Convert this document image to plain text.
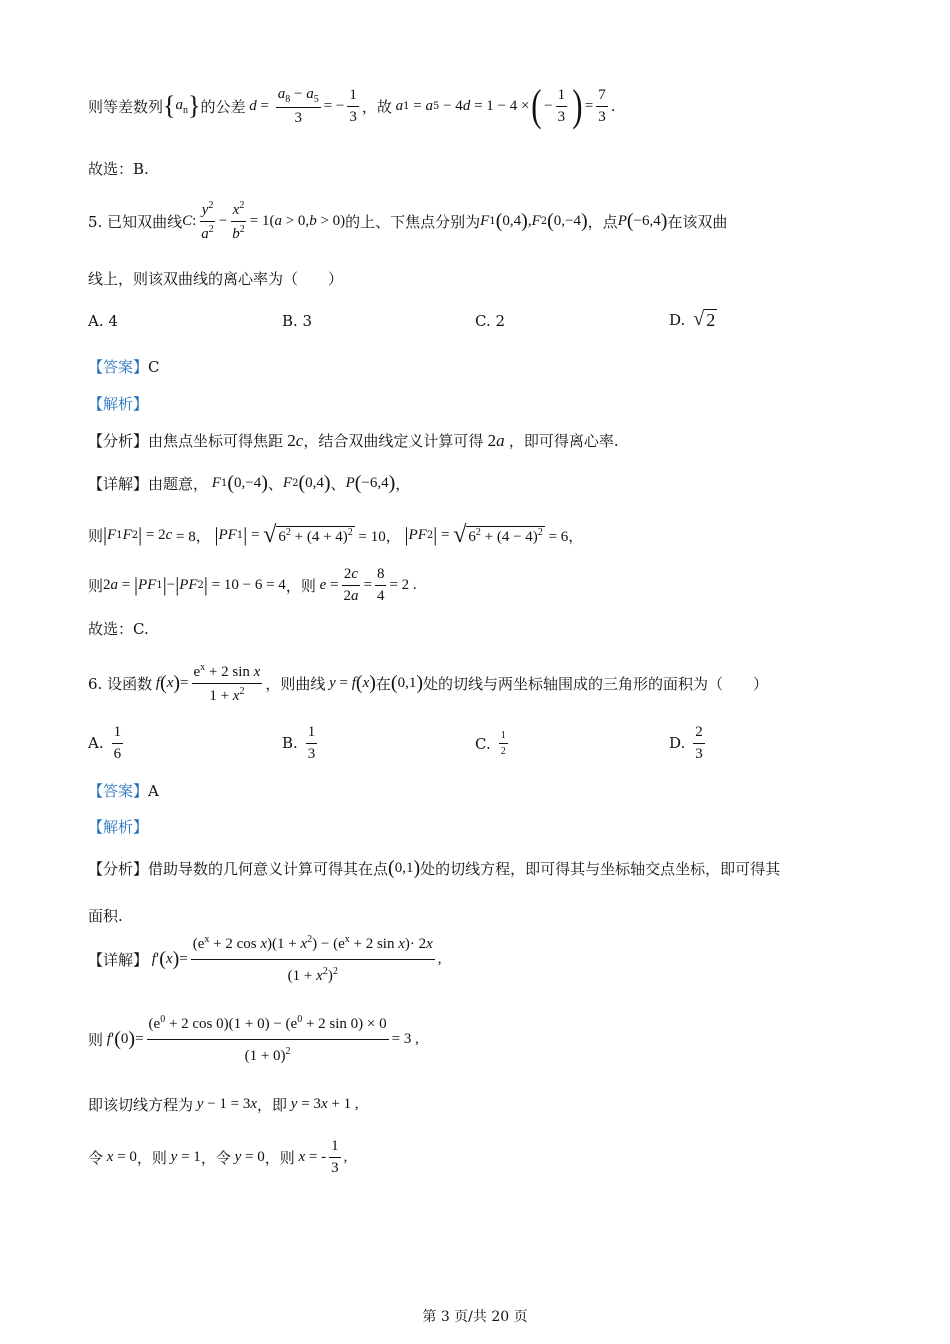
则等差数列 { $a_n$ } 的公差 $d = \frac{a_8 - a_5}{3}$ = − $\frac{1}{3}$ ，故 a 1 = a 5 − 4 d = 1 − 4 × ( − $\frac{1}{3}$ ) = $\frac{7}{3}$ .
故选：B.
5. 已知双曲线 C : $\frac{y^2}{a^2} - \frac{x^2}{b^2} = 1$( a > 0, b > 0) 的上、下焦点分别为 F 1 ( 0,4 ) , F 2 ( 0,−4 ) ，点 P ( −6,4 ) 在该双曲
线上，则该双曲线的离心率为（　　）
A. 4	B. 3	C. 2	D. √ 2
【答案】 C
【解析】
【分析】 由焦点坐标可得焦距 2c ，结合双曲线定义计算可得 2a ，即可得离心率.
【详解】 由题意， F 1 ( 0,−4 ) 、 F 2 ( 0,4 ) 、 P ( −6,4 ) ，
则 | F 1 F 2 | = 2 c = 8， | PF 1 | = √ $6^2 + (4 + 4)^2 = 10$， | PF 2 | = √ $6^2 + (4 - 4)^2 = 6$，
则 2 a = | PF 1 | − | PF 2 | = 10 − 6 = 4 ，则 $e = \frac{2c}{2a} = \frac{8}{4} = 2$ .
故选：C.
6. 设函数 f ( x ) = $\frac{e^x + 2 \sin x}{1 + x^2}$ ，则曲线 y = f ( x ) 在 ( 0,1 ) 处的切线与两坐标轴围成的三角形的面积为（　　）
A. $\frac{1}{6}$	B. $\frac{1}{3}$	C. $\frac{1}{2}$	D. $\frac{2}{3}$
【答案】 A
【解析】
【分析】 借助导数的几何意义计算可得其在点 ( 0,1 ) 处的切线方程，即可得其与坐标轴交点坐标，即可得其
面积.
【详解】 f ′ ( x ) = $\frac{(e^x + 2 \cos x)(1 + x^2) - (e^x + 2 \sin x)\cdot 2x}{(1 + x^2)^2}$ ,
则 f ′ ( 0 ) = $\frac{(e^0 + 2 \cos 0)(1 + 0) - (e^0 + 2 \sin 0) \times 0}{(1 + 0)^2} = 3$ ,
即该切线方程为 y − 1 = 3 x ，即 y = 3 x + 1 ,
令 x = 0 ，则 y = 1 ，令 y = 0 ，则 x = - $\frac{1}{3}$ ,
第 3 页/共 20 页
